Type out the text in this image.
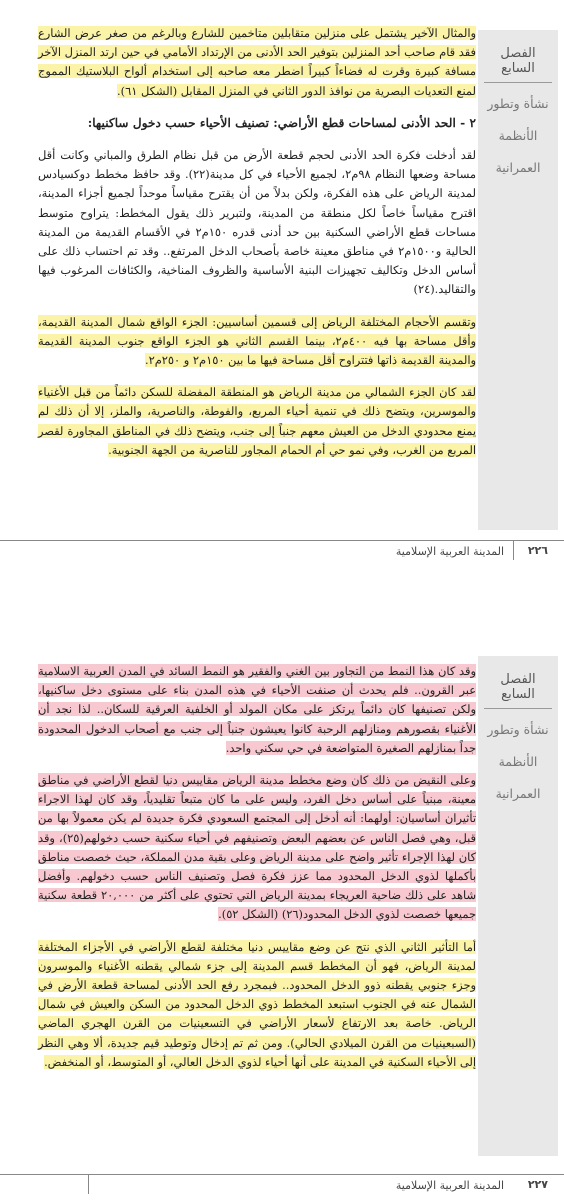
الفصل السابع
نشأة وتطور
الأنظمة
العمرانية

والمثال الآخير يشتمل على منزلين متقابلين متاخمين للشارع وبالرغم من صغر عرض الشارع فقد قام صاحب أحد المنزلين بتوفير الحد الأدنى من الإرتداد الأمامي في حين ارتد المنزل الآخر مسافة كبيرة وقرت له فضاءاً كبيراً اضطر معه صاحبه إلى استخدام ألواح البلاستيك المموج لمنع التعديات البصرية من نوافذ الدور الثاني في المنزل المقابل (الشكل ٦١).

٢ - الحد الأدنى لمساحات قطع الأراضي: تصنيف الأحياء حسب دخول ساكنيها:

لقد أدخلت فكرة الحد الأدنى لحجم قطعة الأرض من قبل نظام الطرق والمباني وكانت أقل مساحة وضعها النظام ٩٨م٢، لجميع الأحياء في كل مدينة(٢٢). وقد حافظ مخطط دوكسيادس لمدينة الرياض على هذه الفكرة، ولكن بدلاً من أن يقترح مقياساً موحداً لجميع أجزاء المدينة، اقترح مقياساً خاصاً لكل منطقة من المدينة، ولتبرير ذلك يقول المخطط: يتراوح متوسط مساحات قطع الأراضي السكنية بين حد أدنى قدره ١٥٠م٢ في الأقسام القديمة من المدينة الحالية و١٥٠٠م٢ في مناطق معينة خاصة بأصحاب الدخل المرتفع.. وقد تم احتساب ذلك على أساس الدخل وتكاليف تجهيزات البنية الأساسية والظروف المناخية، والكثافات المرغوب فيها والتقاليد.(٢٤)

وتقسم الأحجام المختلفة الرياض إلى قسمين أساسيين: الجزء الواقع شمال المدينة القديمة، وأقل مساحة بها فيه ٤٠٠م٢، بينما القسم الثاني هو الجزء الواقع جنوب المدينة القديمة والمدينة القديمة ذاتها فتتراوح أقل مساحة فيها ما بين ١٥٠م٢ و ٢٥٠م٢.

لقد كان الجزء الشمالي من مدينة الرياض هو المنطقة المفضلة للسكن دائماً من قبل الأغنياء والموسرين، ويتضح ذلك في تنمية أحياء المربع، والفوطة، والناصرية، والملز، إلا أن ذلك لم يمنع محدودي الدخل من العيش معهم جنباً إلى جنب، ويتضح ذلك في المناطق المجاورة لقصر المربع من الغرب، وفي نمو حي أم الحمام المجاور للناصرية من الجهة الجنوبية.

٢٢٦
المدينة العربية الإسلامية
الفصل السابع
نشأة وتطور
الأنظمة
العمرانية

وقد كان هذا النمط من التجاور بين الغني والفقير هو النمط السائد في المدن العربية الاسلامية عبر القرون.. فلم يحدث أن صنفت الأحياء في هذه المدن بناء على مستوى دخل ساكنيها، ولكن تصنيفها كان دائماً يرتكز على مكان المولد أو الخلفية العرقية للسكان.. لذا نجد أن الأغنياء بقصورهم ومنازلهم الرحبة كانوا يعيشون جنباً إلى جنب مع أصحاب الدخول المحدودة جداً بمنازلهم الصغيرة المتواضعة في حي سكني واحد.

وعلى النقيض من ذلك كان وضع مخطط مدينة الرياض مقاييس دنيا لقطع الأراضي في مناطق معينة، مبنياً على أساس دخل الفرد، وليس على ما كان متبعاً تقليدياً، وقد كان لهذا الاجراء تأثيران أساسيان: أولهما: أنه أدخل إلى المجتمع السعودي فكرة جديدة لم يكن معمولاً بها من قبل، وهي فصل الناس عن بعضهم البعض وتصنيفهم في أحياء سكنية حسب دخولهم(٢٥)، وقد كان لهذا الإجراء تأثير واضح على مدينة الرياض وعلى بقية مدن المملكة، حيث خصصت مناطق بأكملها لذوي الدخل المحدود مما عزز فكرة فصل وتصنيف الناس حسب دخولهم. وأفضل شاهد على ذلك ضاحية العريجاء بمدينة الرياض التي تحتوي على أكثر من ٢٠,٠٠٠ قطعة سكنية جميعها خصصت لذوي الدخل المحدود(٢٦) (الشكل ٥٢).

أما التأثير الثاني الذي نتج عن وضع مقاييس دنيا مختلفة لقطع الأراضي في الأجزاء المختلفة لمدينة الرياض، فهو أن المخطط قسم المدينة إلى جزء شمالي يقطنه الأغنياء والموسرون وجزء جنوبي يقطنه ذوو الدخل المحدود.. فبمجرد رفع الحد الأدنى لمساحة قطعة الأرض في الشمال عنه في الجنوب استبعد المخطط ذوي الدخل المحدود من السكن والعيش في شمال الرياض. خاصة بعد الارتفاع لأسعار الأراضي في التسعينيات من القرن الهجري الماضي (السبعينيات من القرن الميلادي الحالي). ومن ثم تم إدخال وتوطيد قيم جديدة، ألا وهي النظر إلى الأحياء السكنية في المدينة على أنها أحياء لذوي الدخل العالي، أو المتوسط، أو المنخفض.

٢٢٧
المدينة العربية الإسلامية
